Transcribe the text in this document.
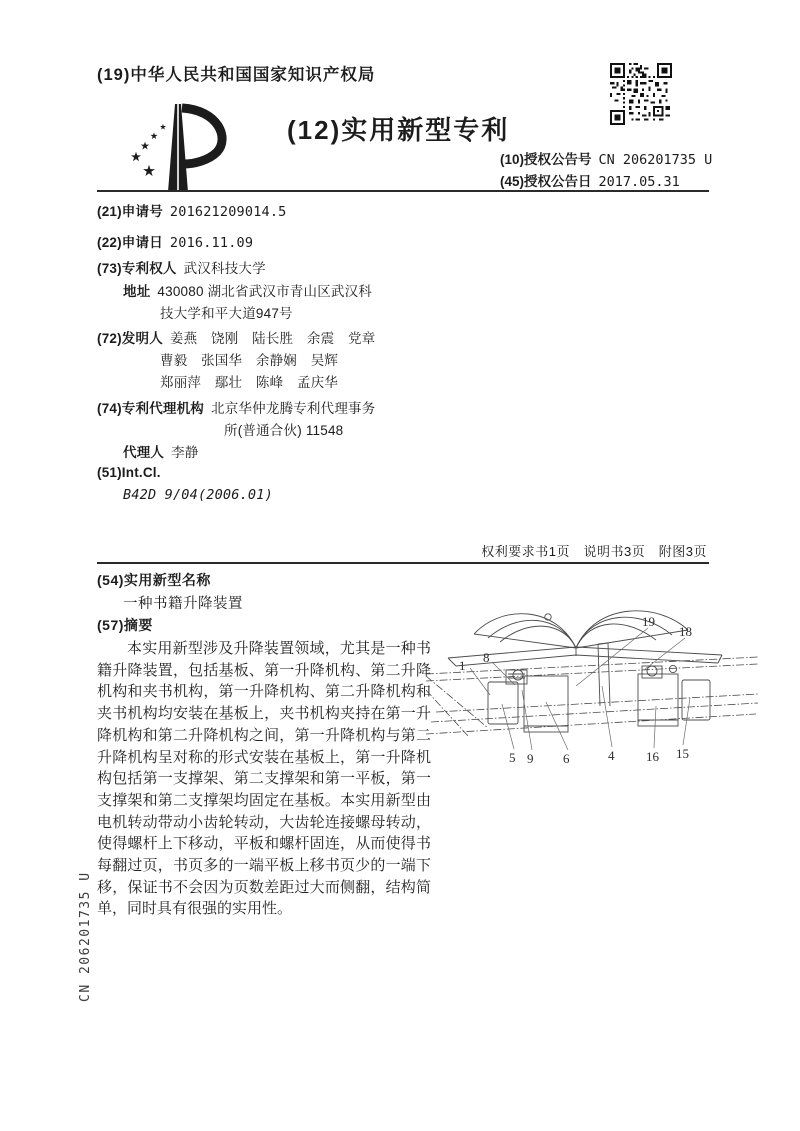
(19)中华人民共和国国家知识产权局
(12)实用新型专利
(10)授权公告号 CN 206201735 U
(45)授权公告日 2017.05.31
(21)申请号 201621209014.5
(22)申请日 2016.11.09
(73)专利权人 武汉科技大学
地址 430080 湖北省武汉市青山区武汉科
技大学和平大道947号
(72)发明人 姜燕　饶刚　陆长胜　余震　党章
曹毅　张国华　余静娴　吴辉
郑丽萍　鄢壮　陈峰　孟庆华
(74)专利代理机构 北京华仲龙腾专利代理事务
所(普通合伙) 11548
代理人 李静
(51)Int.Cl.
B42D 9/04(2006.01)
权利要求书1页　说明书3页　附图3页
(54)实用新型名称
一种书籍升降装置
(57)摘要

本实用新型涉及升降装置领域，尤其是一种书籍升降装置，包括基板、第一升降机构、第二升降机构和夹书机构，第一升降机构、第二升降机构和夹书机构均安装在基板上，夹书机构夹持在第一升降机构和第二升降机构之间，第一升降机构与第二升降机构呈对称的形式安装在基板上，第一升降机构包括第一支撑架、第二支撑架和第一平板，第一支撑架和第二支撑架均固定在基板。本实用新型由电机转动带动小齿轮转动，大齿轮连接螺母转动，使得螺杆上下移动，平板和螺杆固连，从而使得书每翻过页，书页多的一端平板上移书页少的一端下移，保证书不会因为页数差距过大而侧翻，结构简单，同时具有很强的实用性。

1
8
19
18
5 9 6	4 16 15
CN 206201735 U
